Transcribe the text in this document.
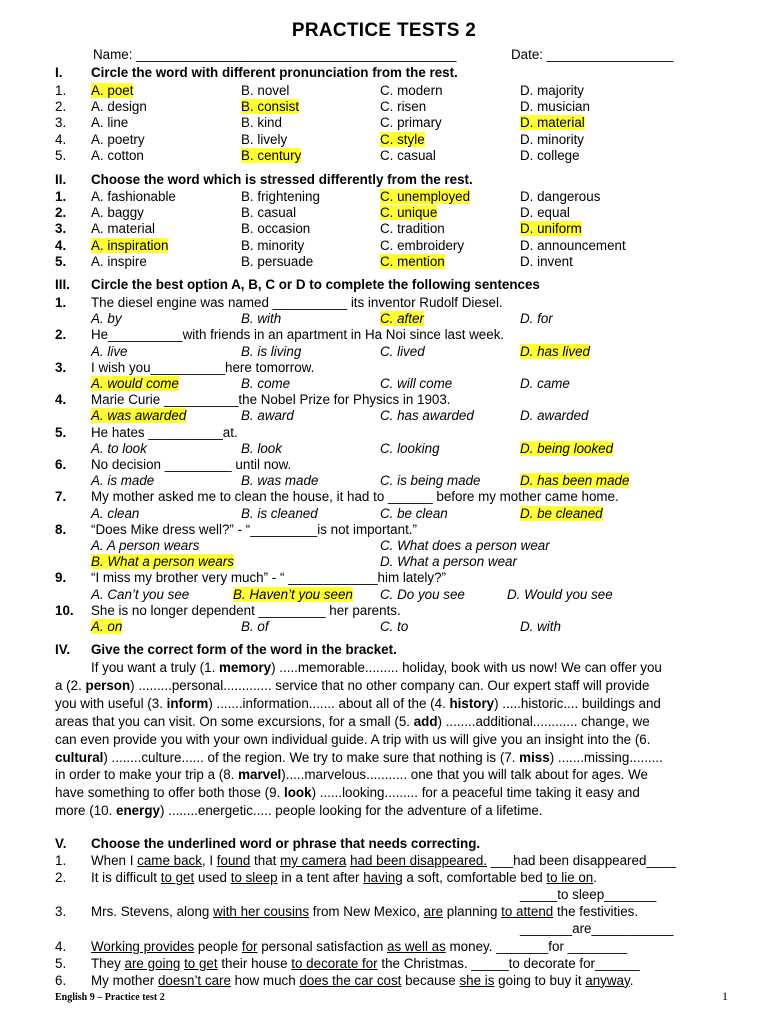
PRACTICE TESTS 2
Name: ___________________________________________	Date: _________________
I. Circle the word with different pronunciation from the rest.
1. A. poet	B. novel	C. modern	D. majority
2. A. design	B. consist	C. risen	D. musician
3. A. line	B. kind	C. primary	D. material
4. A. poetry	B. lively	C. style	D. minority
5. A. cotton	B. century	C. casual	D. college
II. Choose the word which is stressed differently from the rest.
1. A. fashionable	B. frightening	C. unemployed	D. dangerous
2. A. baggy	B. casual	C. unique	D. equal
3. A. material	B. occasion	C. tradition	D. uniform
4. A. inspiration	B. minority	C. embroidery	D. announcement
5. A. inspire	B. persuade	C. mention	D. invent
III. Circle the best option A, B, C or D to complete the following sentences
1. The diesel engine was named __________ its inventor Rudolf Diesel.
A. by	B. with	C. after	D. for
2. He__________with friends in an apartment in Ha Noi since last week.
A. live	B. is living	C. lived	D. has lived
3. I wish you__________here tomorrow.
A. would come	B. come	C. will come	D. came
4. Marie Curie __________the Nobel Prize for Physics in 1903.
A. was awarded	B. award	C. has awarded	D. awarded
5. He hates __________at.
A. to look	B. look	C. looking	D. being looked
6. No decision _________ until now.
A. is made	B. was made	C. is being made	D. has been made
7. My mother asked me to clean the house, it had to ______ before my mother came home.
A. clean	B. is cleaned	C. be clean	D. be cleaned
8. “Does Mike dress well?” - “_________is not important.”
A. A person wears	C. What does a person wear
B. What a person wears	D. What a person wear
9. “I miss my brother very much” - “ ____________him lately?”
A. Can’t you see	B. Haven’t you seen C. Do you see	D. Would you see
10. She is no longer dependent _________ her parents.
A. on	B. of	C. to	D. with
IV. Give the correct form of the word in the bracket.
If you want a truly (1. memory) .....memorable......... holiday, book with us now! We can offer you
a (2. person) .........personal............. service that no other company can. Our expert staff will provide
you with useful (3. inform) .......information....... about all of the (4. history) .....historic.... buildings and
areas that you can visit. On some excursions, for a small (5. add) ........additional............ change, we
can even provide you with your own individual guide. A trip with us will give you an insight into the (6.
cultural) ........culture...... of the region. We try to make sure that nothing is (7. miss) .......missing.........
in order to make your trip a (8. marvel).....marvelous........... one that you will talk about for ages. We
have something to offer both those (9. look) ......looking......... for a peaceful time taking it easy and
more (10. energy) ........energetic..... people looking for the adventure of a lifetime.
V. Choose the underlined word or phrase that needs correcting.
1. When I came back, I found that my camera had been disappeared. ___had been disappeared____
2. It is difficult to get used to sleep in a tent after having a soft, comfortable bed to lie on.
_____to sleep_______
3. Mrs. Stevens, along with her cousins from New Mexico, are planning to attend the festivities.
_______are___________
4. Working provides people for personal satisfaction as well as money. _______for ________
5. They are going to get their house to decorate for the Christmas. _____to decorate for______
6. My mother doesn’t care how much does the car cost because she is going to buy it anyway.
English 9 – Practice test 2	1
